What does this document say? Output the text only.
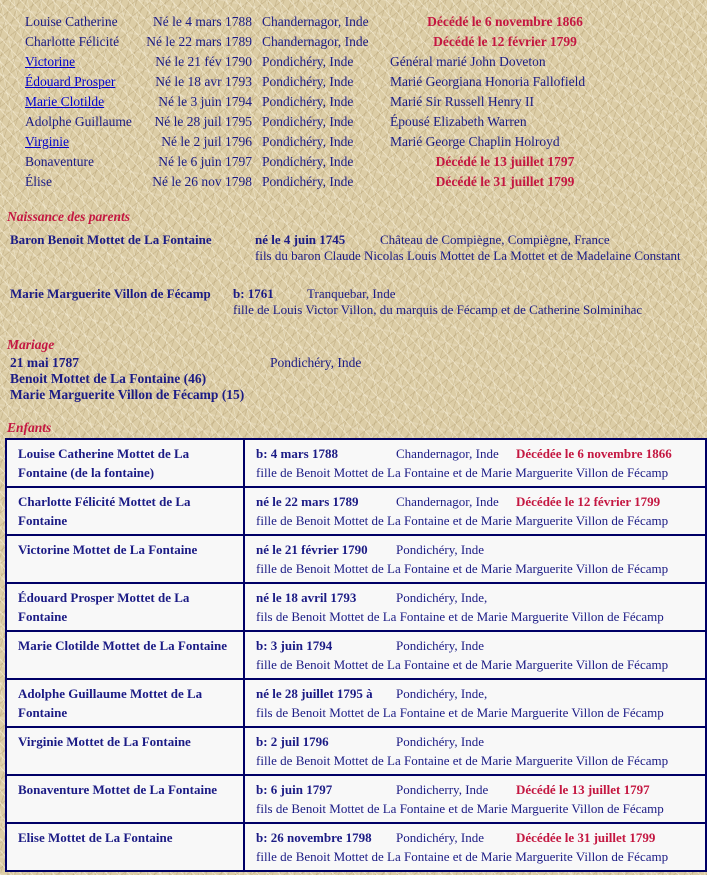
Louise Catherine	Né le 4 mars 1788 Chandernagor, Inde	Décédé le 6 novembre 1866
Charlotte Félicité	Né le 22 mars 1789 Chandernagor, Inde	Décédé le 12 février 1799
Victorine	Né le 21 fév 1790 Pondichéry, Inde	Général marié John Doveton
Édouard Prosper	Né le 18 avr 1793 Pondichéry, Inde	Marié Georgiana Honoria Fallofield
Marie Clotilde	Né le 3 juin 1794 Pondichéry, Inde	Marié Sir Russell Henry II
Adolphe Guillaume	Né le 28 juil 1795 Pondichéry, Inde	Épousé Elizabeth Warren
Virginie	Né le 2 juil 1796 Pondichéry, Inde	Marié George Chaplin Holroyd
Bonaventure	Né le 6 juin 1797 Pondichéry, Inde	Décédé le 13 juillet 1797
Élise	Né le 26 nov 1798 Pondichéry, Inde	Décédé le 31 juillet 1799
Naissance des parents
Baron Benoit Mottet de La Fontaine	né le 4 juin 1745	Château de Compiègne, Compiègne, France
fils du baron Claude Nicolas Louis Mottet de La Mottet et de Madelaine Constant
Marie Marguerite Villon de Fécamp	b: 1761	Tranquebar, Inde
fille de Louis Victor Villon, du marquis de Fécamp et de Catherine Solminihac
Mariage
21 mai 1787	Pondichéry, Inde
Benoit Mottet de La Fontaine (46)
Marie Marguerite Villon de Fécamp (15)
Enfants
Louise Catherine Mottet de La Fontaine (de la fontaine)	b: 4 mars 1788 Chandernagor, Inde Décédée le 6 novembre 1866
fille de Benoit Mottet de La Fontaine et de Marie Marguerite Villon de Fécamp

Charlotte Félicité Mottet de La Fontaine	né le 22 mars 1789 Chandernagor, Inde Décédée le 12 février 1799
fille de Benoit Mottet de La Fontaine et de Marie Marguerite Villon de Fécamp

Victorine Mottet de La Fontaine	né le 21 février 1790 Pondichéry, Inde
fille de Benoit Mottet de La Fontaine et de Marie Marguerite Villon de Fécamp

Édouard Prosper Mottet de La Fontaine	né le 18 avril 1793 Pondichéry, Inde,
fils de Benoit Mottet de La Fontaine et de Marie Marguerite Villon de Fécamp

Marie Clotilde Mottet de La Fontaine	b: 3 juin 1794 Pondichéry, Inde
fille de Benoit Mottet de La Fontaine et de Marie Marguerite Villon de Fécamp

Adolphe Guillaume Mottet de La Fontaine	né le 28 juillet 1795 à Pondichéry, Inde,
fils de Benoit Mottet de La Fontaine et de Marie Marguerite Villon de Fécamp

Virginie Mottet de La Fontaine	b: 2 juil 1796 Pondichéry, Inde
fille de Benoit Mottet de La Fontaine et de Marie Marguerite Villon de Fécamp

Bonaventure Mottet de La Fontaine	b: 6 juin 1797 Pondicherry, Inde Décédé le 13 juillet 1797
fils de Benoit Mottet de La Fontaine et de Marie Marguerite Villon de Fécamp

Elise Mottet de La Fontaine	b: 26 novembre 1798 Pondichéry, Inde Décédée le 31 juillet 1799
fille de Benoit Mottet de La Fontaine et de Marie Marguerite Villon de Fécamp
